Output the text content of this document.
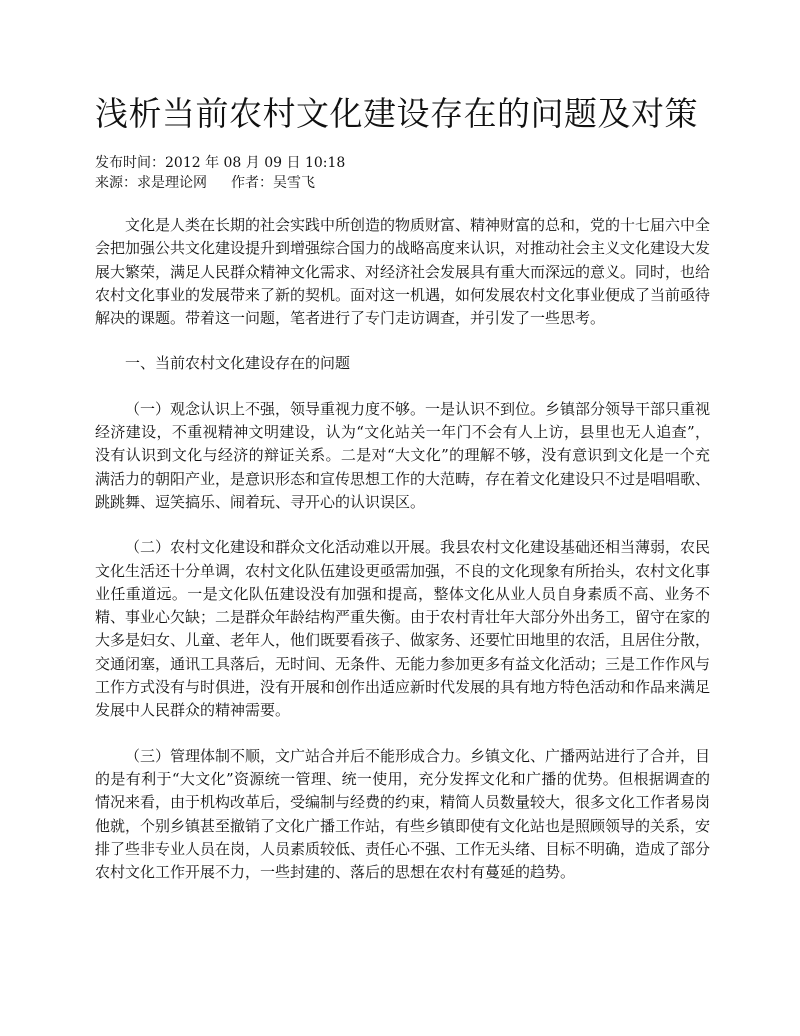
浅析当前农村文化建设存在的问题及对策
发布时间：2012 年 08 月 09 日 10:18
来源：求是理论网 作者：吴雪飞

文化是人类在长期的社会实践中所创造的物质财富、精神财富的总和，党的十七届六中全会把加强公共文化建设提升到增强综合国力的战略高度来认识，对推动社会主义文化建设大发展大繁荣，满足人民群众精神文化需求、对经济社会发展具有重大而深远的意义。同时，也给农村文化事业的发展带来了新的契机。面对这一机遇，如何发展农村文化事业便成了当前亟待解决的课题。带着这一问题，笔者进行了专门走访调查，并引发了一些思考。

一、当前农村文化建设存在的问题

（一）观念认识上不强，领导重视力度不够。一是认识不到位。乡镇部分领导干部只重视经济建设，不重视精神文明建设，认为“文化站关一年门不会有人上访，县里也无人追查”，没有认识到文化与经济的辩证关系。二是对“大文化”的理解不够，没有意识到文化是一个充满活力的朝阳产业，是意识形态和宣传思想工作的大范畴，存在着文化建设只不过是唱唱歌、跳跳舞、逗笑搞乐、闹着玩、寻开心的认识误区。

（二）农村文化建设和群众文化活动难以开展。我县农村文化建设基础还相当薄弱，农民文化生活还十分单调，农村文化队伍建设更亟需加强，不良的文化现象有所抬头，农村文化事业任重道远。一是文化队伍建设没有加强和提高，整体文化从业人员自身素质不高、业务不精、事业心欠缺；二是群众年龄结构严重失衡。由于农村青壮年大部分外出务工，留守在家的大多是妇女、儿童、老年人，他们既要看孩子、做家务、还要忙田地里的农活，且居住分散，交通闭塞，通讯工具落后，无时间、无条件、无能力参加更多有益文化活动；三是工作作风与工作方式没有与时俱进，没有开展和创作出适应新时代发展的具有地方特色活动和作品来满足发展中人民群众的精神需要。

（三）管理体制不顺，文广站合并后不能形成合力。乡镇文化、广播两站进行了合并，目的是有利于“大文化”资源统一管理、统一使用，充分发挥文化和广播的优势。但根据调查的情况来看，由于机构改革后，受编制与经费的约束，精简人员数量较大，很多文化工作者易岗他就，个别乡镇甚至撤销了文化广播工作站，有些乡镇即使有文化站也是照顾领导的关系，安排了些非专业人员在岗，人员素质较低、责任心不强、工作无头绪、目标不明确，造成了部分农村文化工作开展不力，一些封建的、落后的思想在农村有蔓延的趋势。
